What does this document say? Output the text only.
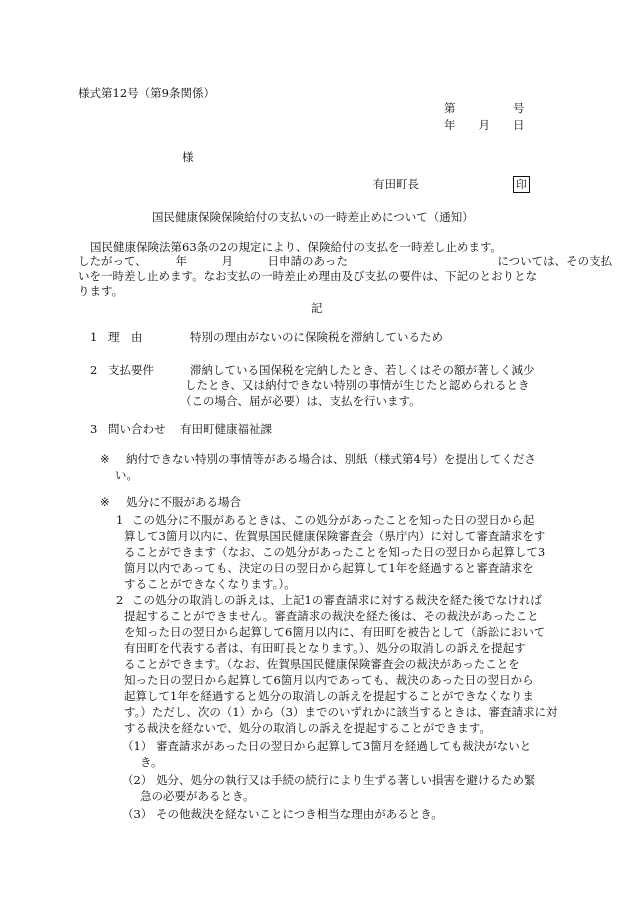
様式第12号（第9条関係）
第　　　　　号
年　　月　　日
様
有田町長	印
国民健康保険保険給付の支払いの一時差止めについて（通知）
国民健康保険法第63条の2の規定により、保険給付の支払を一時差し止めます。
したがって、　　　年　　　月　　　日申請のあった　　　　　　　　　　　　　については、その支払
いを一時差し止めます。なお支払の一時差止め理由及び支払の要件は、下記のとおりとな
ります。
記
1 理　由	特別の理由がないのに保険税を滞納しているため
2 支払要件	滞納している国保税を完納したとき、若しくはその額が著しく減少
したとき、又は納付できない特別の事情が生じたと認められるとき
（この場合、届が必要）は、支払を行います。
3 問い合わせ 有田町健康福祉課
※ 納付できない特別の事情等がある場合は、別紙（様式第4号）を提出してくださ
い。
※ 処分に不服がある場合
1 この処分に不服があるときは、この処分があったことを知った日の翌日から起
算して3箇月以内に、佐賀県国民健康保険審査会（県庁内）に対して審査請求をす
ることができます（なお、この処分があったことを知った日の翌日から起算して3
箇月以内であっても、決定の日の翌日から起算して1年を経過すると審査請求を
することができなくなります。）。
2 この処分の取消しの訴えは、上記1の審査請求に対する裁決を経た後でなければ
提起することができません。審査請求の裁決を経た後は、その裁決があったこと
を知った日の翌日から起算して6箇月以内に、有田町を被告として（訴訟において
有田町を代表する者は、有田町長となります。）、処分の取消しの訴えを提起す
ることができます。（なお、佐賀県国民健康保険審査会の裁決があったことを
知った日の翌日から起算して6箇月以内であっても、裁決のあった日の翌日から
起算して1年を経過すると処分の取消しの訴えを提起することができなくなりま
す。）ただし、次の（1）から（3）までのいずれかに該当するときは、審査請求に対
する裁決を経ないで、処分の取消しの訴えを提起することができます。
（1） 審査請求があった日の翌日から起算して3箇月を経過しても裁決がないと
き。
（2） 処分、処分の執行又は手続の続行により生ずる著しい損害を避けるため緊
急の必要があるとき。
（3） その他裁決を経ないことにつき相当な理由があるとき。
